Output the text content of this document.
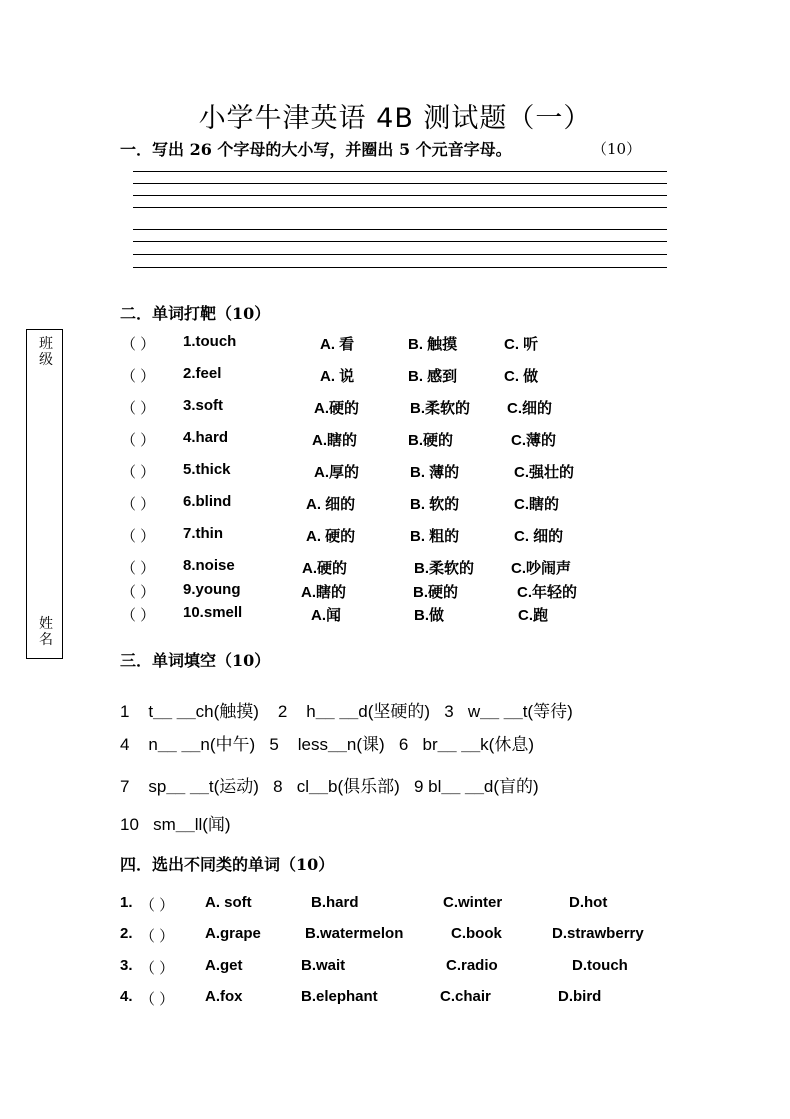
小学牛津英语 4B 测试题（一）
一．写出 26 个字母的大小写，并圈出 5 个元音字母。	（10）
班级
姓名
二．单词打靶（10）
（ ） 1.touch	A. 看	B. 触摸	C. 听
（ ） 2.feel	A. 说	B. 感到	C. 做
（ ） 3.soft	A.硬的	B.柔软的 C.细的
（ ） 4.hard	A.瞎的	B.硬的	C.薄的
（ ） 5.thick	A.厚的	B. 薄的	C.强壮的
（ ） 6.blind	A. 细的	B. 软的	C.瞎的
（ ） 7.thin	A. 硬的	B. 粗的	C. 细的
（ ） 8.noise	A.硬的	B.柔软的 C.吵闹声
（ ） 9.young	A.瞎的	B.硬的	C.年轻的
（ ） 10.smell	A.闻	B.做	C.跑
三．单词填空（10）
1 t__ __ch(触摸) 2 h__ __d(坚硬的) 3 w__ __t(等待)
4 n__ __n(中午) 5 less__n(课) 6 br__ __k(休息)
7 sp__ __t(运动) 8 cl__b(俱乐部) 9 bl__ __d(盲的)
10 sm__ll(闻)
四．选出不同类的单词（10）
1. （ ） A. soft	B.hard	C.winter	D.hot
2. （ ） A.grape	B.watermelon	C.book	D.strawberry
3. （ ） A.get	B.wait	C.radio	D.touch
4. （ ） A.fox	B.elephant	C.chair	D.bird
